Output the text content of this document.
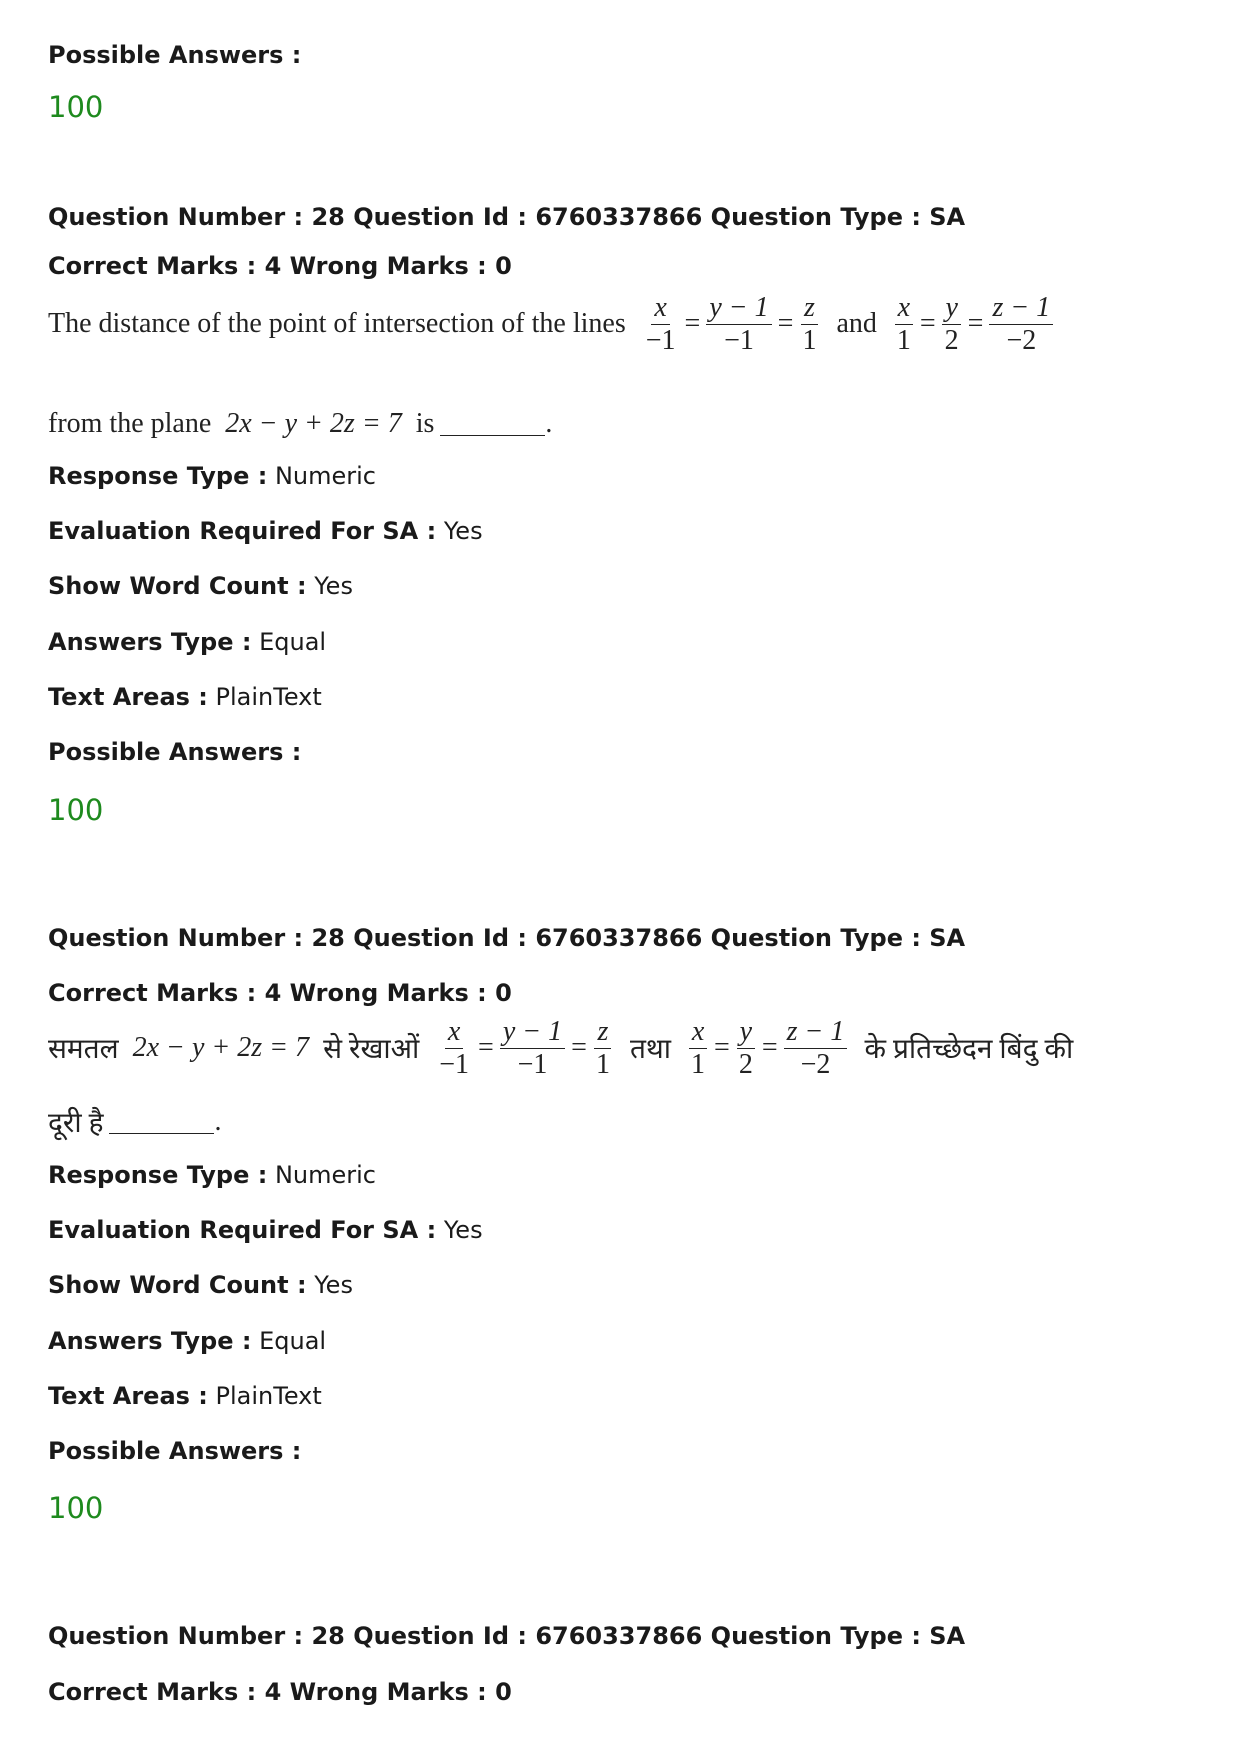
Possible Answers :
100
Question Number : 28 Question Id : 6760337866 Question Type : SA
Correct Marks : 4 Wrong Marks : 0
The distance of the point of intersection of the lines $\frac{x}{-1} = \frac{y - 1}{-1} = \frac{z}{1}$ and $\frac{x}{1} = \frac{y}{2} = \frac{z - 1}{-2}$
from the plane 2x − y + 2z = 7 is	.
Response Type : Numeric
Evaluation Required For SA : Yes
Show Word Count : Yes
Answers Type : Equal
Text Areas : PlainText
Possible Answers :
100
Question Number : 28 Question Id : 6760337866 Question Type : SA
Correct Marks : 4 Wrong Marks : 0
समतल 2x − y + 2z = 7 से रेखाओं $\frac{x}{-1} = \frac{y - 1}{-1} = \frac{z}{1}$ तथा $\frac{x}{1} = \frac{y}{2} = \frac{z - 1}{-2}$ के प्रतिच्छेदन बिंदु की
दूरी है	.
Response Type : Numeric
Evaluation Required For SA : Yes
Show Word Count : Yes
Answers Type : Equal
Text Areas : PlainText
Possible Answers :
100
Question Number : 28 Question Id : 6760337866 Question Type : SA
Correct Marks : 4 Wrong Marks : 0
